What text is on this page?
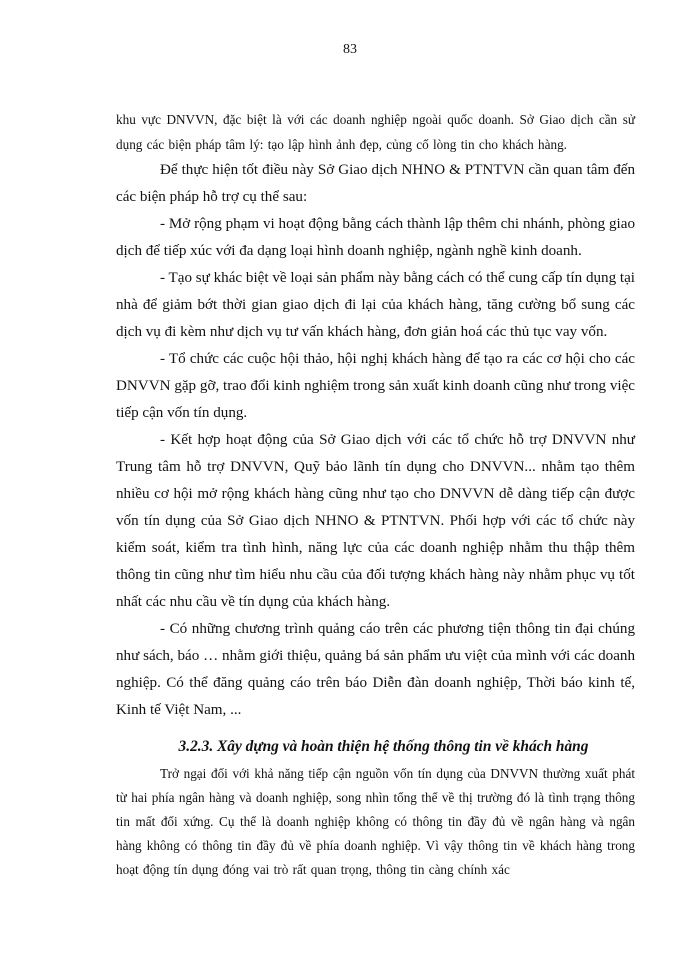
83

khu vực DNVVN, đặc biệt là với các doanh nghiệp ngoài quốc doanh. Sở Giao dịch cần sử dụng các biện pháp tâm lý: tạo lập hình ảnh đẹp, củng cố lòng tin cho khách hàng.

Để thực hiện tốt điều này Sở Giao dịch NHNO & PTNTVN cần quan tâm đến các biện pháp hỗ trợ cụ thể sau:

- Mở rộng phạm vi hoạt động bằng cách thành lập thêm chi nhánh, phòng giao dịch để tiếp xúc với đa dạng loại hình doanh nghiệp, ngành nghề kinh doanh.

- Tạo sự khác biệt về loại sản phẩm này bằng cách có thể cung cấp tín dụng tại nhà để giảm bớt thời gian giao dịch đi lại của khách hàng, tăng cường bổ sung các dịch vụ đi kèm như dịch vụ tư vấn khách hàng, đơn giản hoá các thủ tục vay vốn.

- Tổ chức các cuộc hội thảo, hội nghị khách hàng để tạo ra các cơ hội cho các DNVVN gặp gỡ, trao đổi kinh nghiệm trong sản xuất kinh doanh cũng như trong việc tiếp cận vốn tín dụng.

- Kết hợp hoạt động của Sở Giao dịch với các tổ chức hỗ trợ DNVVN như Trung tâm hỗ trợ DNVVN, Quỹ bảo lãnh tín dụng cho DNVVN... nhằm tạo thêm nhiều cơ hội mở rộng khách hàng cũng như tạo cho DNVVN dễ dàng tiếp cận được vốn tín dụng của Sở Giao dịch NHNO & PTNTVN. Phối hợp với các tổ chức này kiểm soát, kiểm tra tình hình, năng lực của các doanh nghiệp nhằm thu thập thêm thông tin cũng như tìm hiểu nhu cầu của đối tượng khách hàng này nhằm phục vụ tốt nhất các nhu cầu về tín dụng của khách hàng.

- Có những chương trình quảng cáo trên các phương tiện thông tin đại chúng như sách, báo … nhằm giới thiệu, quảng bá sản phẩm ưu việt của mình với các doanh nghiệp. Có thể đăng quảng cáo trên báo Diễn đàn doanh nghiệp, Thời báo kinh tế, Kinh tế Việt Nam, ...

3.2.3. Xây dựng và hoàn thiện hệ thống thông tin về khách hàng

Trở ngại đối với khả năng tiếp cận nguồn vốn tín dụng của DNVVN thường xuất phát từ hai phía ngân hàng và doanh nghiệp, song nhìn tổng thể về thị trường đó là tình trạng thông tin mất đối xứng. Cụ thể là doanh nghiệp không có thông tin đầy đủ về ngân hàng và ngân hàng không có thông tin đầy đủ về phía doanh nghiệp. Vì vậy thông tin về khách hàng trong hoạt động tín dụng đóng vai trò rất quan trọng, thông tin càng chính xác
